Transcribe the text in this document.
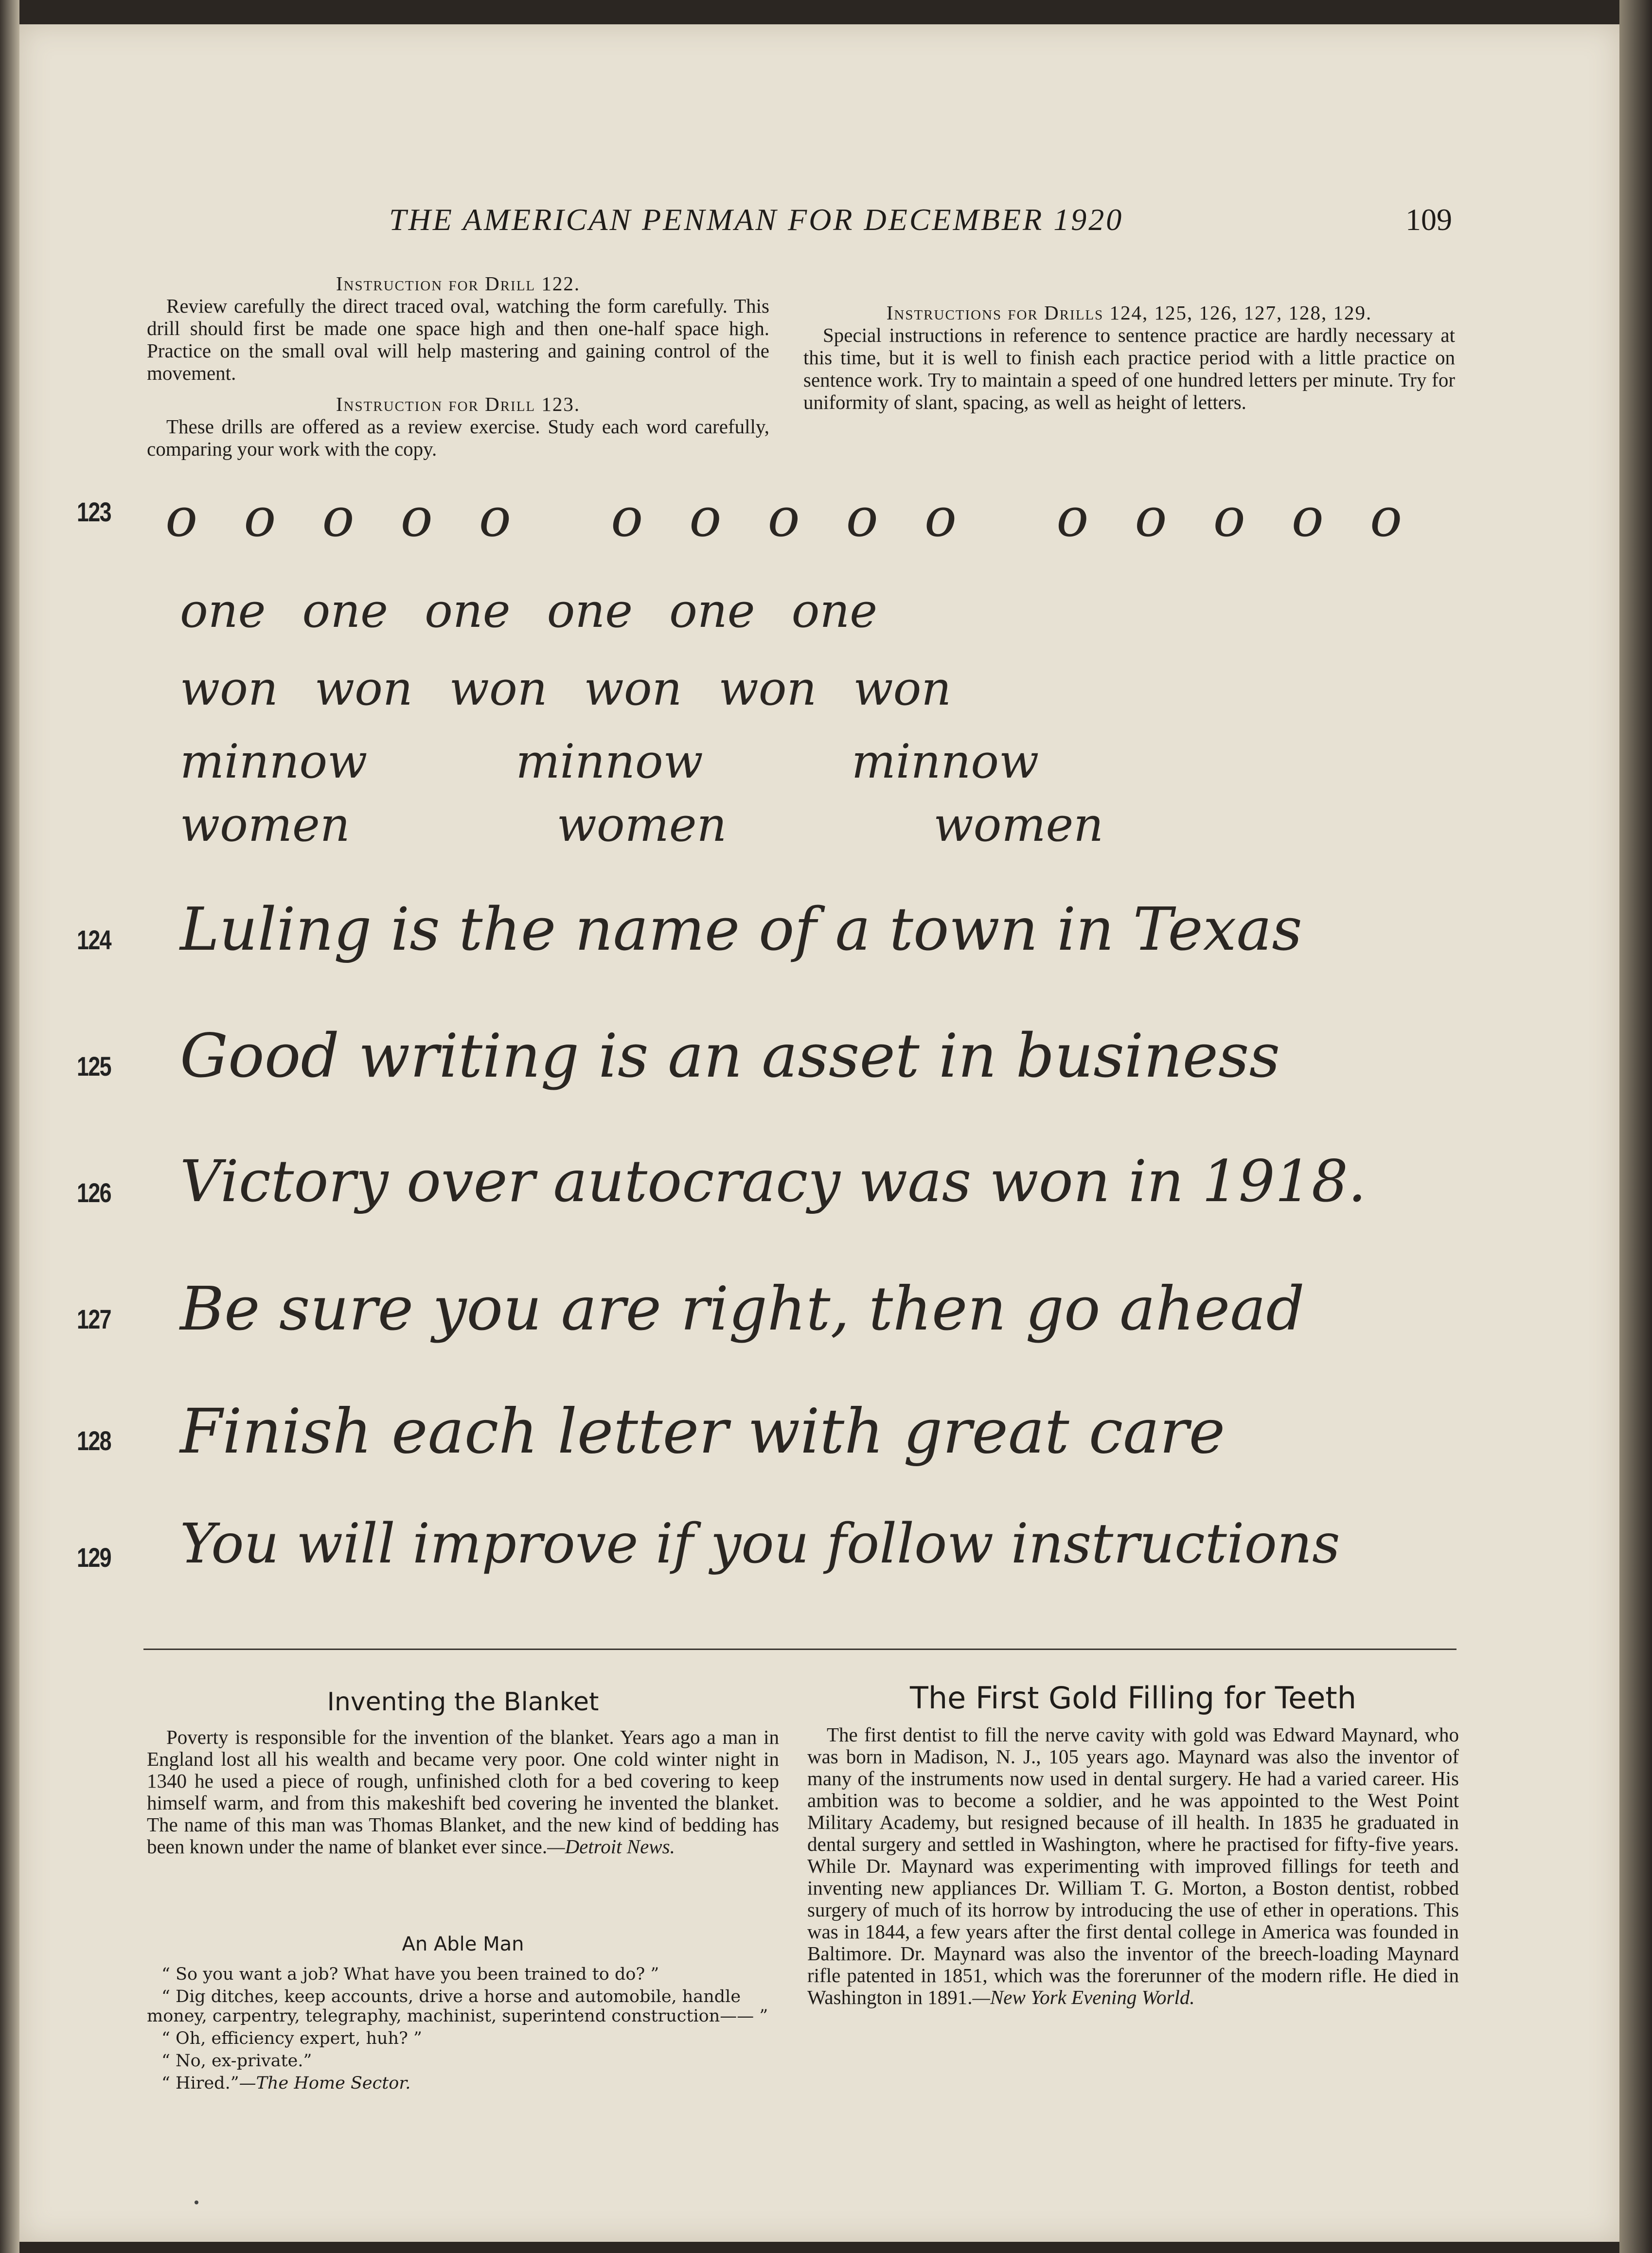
THE AMERICAN PENMAN FOR DECEMBER 1920	109
Instruction for Drill 122.

Review carefully the direct traced oval, watching the form carefully. This drill should first be made one space high and then one-half space high. Practice on the small oval will help mastering and gaining control of the movement.

Instruction for Drill 123.

These drills are offered as a review exercise. Study each word carefully, comparing your work with the copy.

Instructions for Drills 124, 125, 126, 127, 128, 129.

Special instructions in reference to sentence practice are hardly necessary at this time, but it is well to finish each practice period with a little practice on sentence work. Try to maintain a speed of one hundred letters per minute. Try for uniformity of slant, spacing, as well as height of letters.

123 o o o o o o o o o o o o o o o
one one one one one one
won won won won won won
minnow	minnow	minnow
women	women	women
124 Luling is the name of a town in Texas
125 Good writing is an asset in business
126 Victory over autocracy was won in 1918.
127 Be sure you are right, then go ahead
128 Finish each letter with great care
129 You will improve if you follow instructions
Inventing the Blanket
Poverty is responsible for the invention of the blanket. Years ago a man in England lost all his wealth and became very poor. One cold winter night in 1340 he used a piece of rough, unfinished cloth for a bed covering to keep himself warm, and from this makeshift bed covering he invented the blanket. The name of this man was Thomas Blanket, and the new kind of bedding has been known under the name of blanket ever since.—Detroit News.
An Able Man

“ So you want a job? What have you been trained to do? ”

“ Dig ditches, keep accounts, drive a horse and automobile, handle money, carpentry, telegraphy, machinist, superintend construction—— ”

“ Oh, efficiency expert, huh? ”

“ No, ex-private.”

“ Hired.”—The Home Sector.

The First Gold Filling for Teeth
The first dentist to fill the nerve cavity with gold was Edward Maynard, who was born in Madison, N. J., 105 years ago. Maynard was also the inventor of many of the instruments now used in dental surgery. He had a varied career. His ambition was to become a soldier, and he was appointed to the West Point Military Academy, but resigned because of ill health. In 1835 he graduated in dental surgery and settled in Washington, where he practised for fifty-five years. While Dr. Maynard was experimenting with improved fillings for teeth and inventing new appliances Dr. William T. G. Morton, a Boston dentist, robbed surgery of much of its horrow by introducing the use of ether in operations. This was in 1844, a few years after the first dental college in America was founded in Baltimore. Dr. Maynard was also the inventor of the breech-loading Maynard rifle patented in 1851, which was the forerunner of the modern rifle. He died in Washington in 1891.—New York Evening World.
